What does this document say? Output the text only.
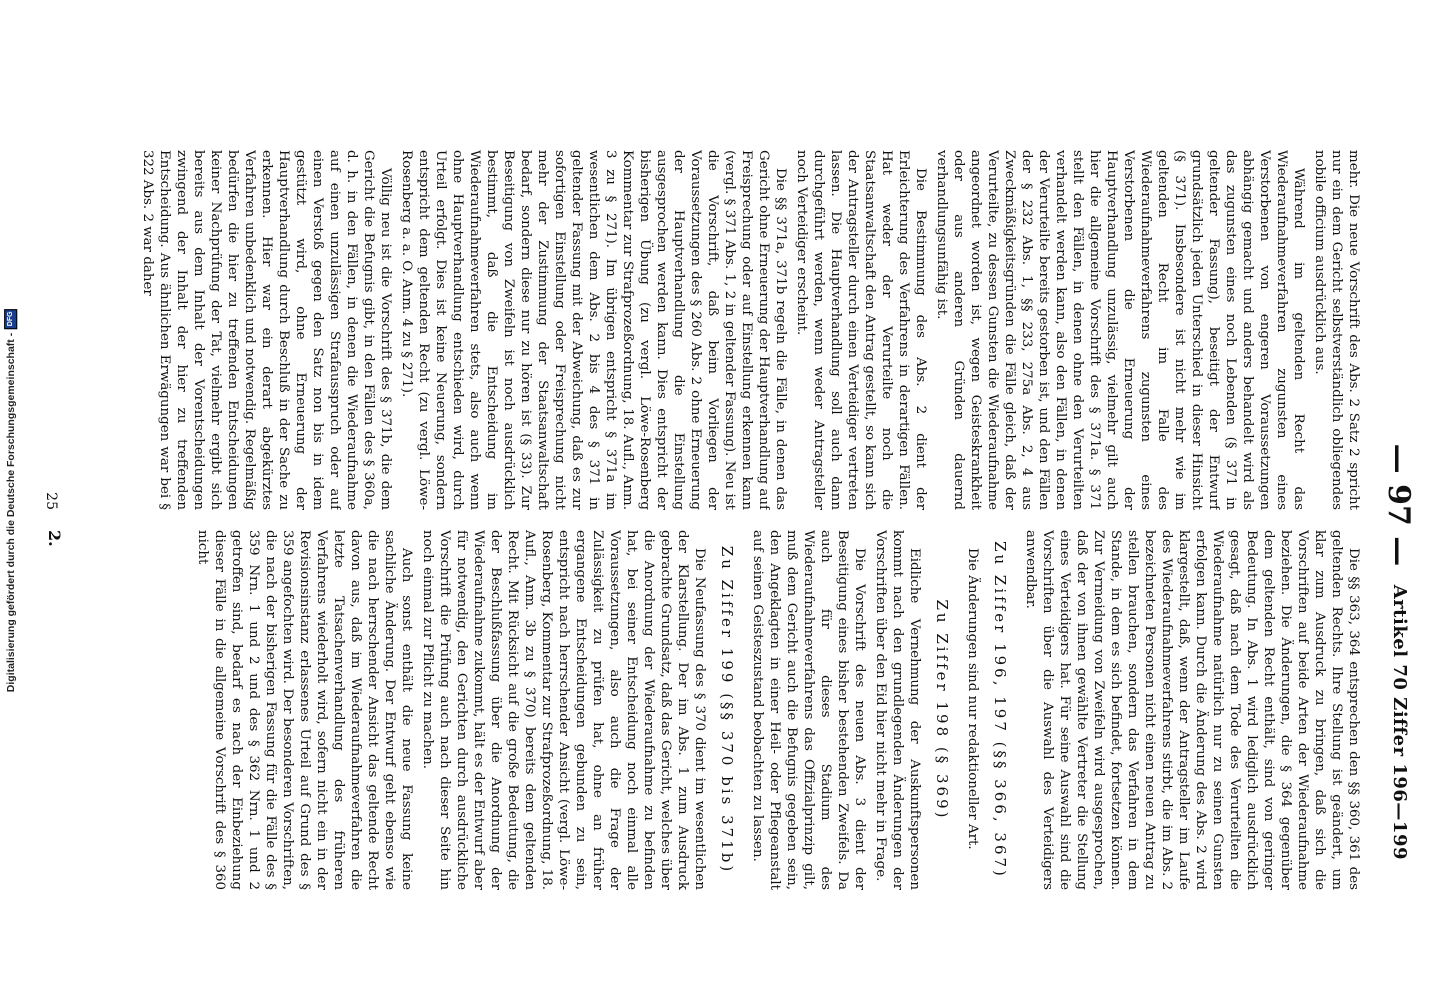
— 97 —
Artikel 70 Ziffer 196—199

Die §§ 363, 364 entsprechen den §§ 360, 361 des geltenden Rechts. Ihre Stellung ist geändert, um klar zum Ausdruck zu bringen, daß sich die Vorschriften auf beide Arten der Wiederaufnahme beziehen. Die Änderungen, die § 364 gegenüber dem geltenden Recht enthält, sind von geringer Bedeutung. In Abs. 1 wird lediglich ausdrücklich gesagt, daß nach dem Tode des Verurteilten die Wiederaufnahme natürlich nur zu seinen Gunsten erfolgen kann. Durch die Änderung des Abs. 2 wird klargestellt, daß, wenn der Antragsteller im Laufe des Wiederaufnahmeverfahrens stirbt, die im Abs. 2 bezeichneten Personen nicht einen neuen Antrag zu stellen brauchen, sondern das Verfahren in dem Stande, in dem es sich befindet, fortsetzen können. Zur Vermeidung von Zweifeln wird ausgesprochen, daß der von ihnen gewählte Vertreter die Stellung eines Verteidigers hat. Für seine Auswahl sind die Vorschriften über die Auswahl des Verteidigers anwendbar.

Zu Ziffer 196, 197 (§§ 366, 367)

Die Änderungen sind nur redaktioneller Art.

Zu Ziffer 198 (§ 369)

Eidliche Vernehmung der Auskunftspersonen kommt nach den grundlegenden Änderungen der Vorschriften über den Eid hier nicht mehr in Frage.

Die Vorschrift des neuen Abs. 3 dient der Beseitigung eines bisher bestehenden Zweifels. Da auch für dieses Stadium des Wiederaufnahmeverfahrens das Offizialprinzip gilt, muß dem Gericht auch die Befugnis gegeben sein, den Angeklagten in einer Heil- oder Pflegeanstalt auf seinen Geisteszustand beobachten zu lassen.

Zu Ziffer 199 (§§ 370 bis 371b)

Die Neufassung des § 370 dient im wesentlichen der Klarstellung. Der im Abs. 1 zum Ausdruck gebrachte Grundsatz, daß das Gericht, welches über die Anordnung der Wiederaufnahme zu befinden hat, bei seiner Entscheidung noch einmal alle Voraussetzungen, also auch die Frage der Zulässigkeit zu prüfen hat, ohne an früher ergangene Entscheidungen gebunden zu sein, entspricht nach herrschender Ansicht (vergl. Löwe-Rosenberg, Kommentar zur Strafprozeßordnung, 18. Aufl., Anm. 3b zu § 370) bereits dem geltenden Recht. Mit Rücksicht auf die große Bedeutung, die der Beschlußfassung über die Anordnung der Wiederaufnahme zukommt, hält es der Entwurf aber für notwendig, den Gerichten durch ausdrückliche Vorschrift die Prüfung auch nach dieser Seite hin noch einmal zur Pflicht zu machen.

Auch sonst enthält die neue Fassung keine sachliche Änderung. Der Entwurf geht ebenso wie die nach herrschender Ansicht das geltende Recht davon aus, daß im Wiederaufnahmeverfahren die letzte Tatsachenverhandlung des früheren Verfahrens wiederholt wird, sofern nicht ein in der Revisionsinstanz erlassenes Urteil auf Grund des § 359 angefochten wird. Der besonderen Vorschriften, die nach der bisherigen Fassung für die Fälle des § 359 Nrn. 1 und 2 und des § 362 Nrn. 1 und 2 getroffen sind, bedarf es nach der Einbeziehung dieser Fälle in die allgemeine Vorschrift des § 360 nicht

mehr. Die neue Vorschrift des Abs. 2 Satz 2 spricht nur ein dem Gericht selbstverständlich obliegendes nobile officium ausdrücklich aus.

Während im geltenden Recht das Wiederaufnahmeverfahren zugunsten eines Verstorbenen von engeren Voraussetzungen abhängig gemacht und anders behandelt wird als das zugunsten eines noch Lebenden (§ 371 in geltender Fassung), beseitigt der Entwurf grundsätzlich jeden Unterschied in dieser Hinsicht (§ 371). Insbesondere ist nicht mehr wie im geltenden Recht im Falle des Wiederaufnahmeverfahrens zugunsten eines Verstorbenen die Erneuerung der Hauptverhandlung unzulässig, vielmehr gilt auch hier die allgemeine Vorschrift des § 371a. § 371 stellt den Fällen, in denen ohne den Verurteilten verhandelt werden kann, also den Fällen, in denen der Verurteilte bereits gestorben ist, und den Fällen der § 232 Abs. 1, §§ 233, 275a Abs. 2, 4 aus Zweckmäßigkeitsgründen die Fälle gleich, daß der Verurteilte, zu dessen Gunsten die Wiederaufnahme angeordnet worden ist, wegen Geisteskrankheit oder aus anderen Gründen dauernd verhandlungsunfähig ist.

Die Bestimmung des Abs. 2 dient der Erleichterung des Verfahrens in derartigen Fällen. Hat weder der Verurteilte noch die Staatsanwaltschaft den Antrag gestellt, so kann sich der Antragsteller durch einen Verteidiger vertreten lassen. Die Hauptverhandlung soll auch dann durchgeführt werden, wenn weder Antragsteller noch Verteidiger erscheint.

Die §§ 371a, 371b regeln die Fälle, in denen das Gericht ohne Erneuerung der Hauptverhandlung auf Freisprechung oder auf Einstellung erkennen kann (vergl. § 371 Abs. 1, 2 in geltender Fassung). Neu ist die Vorschrift, daß beim Vorliegen der Voraussetzungen des § 260 Abs. 2 ohne Erneuerung der Hauptverhandlung die Einstellung ausgesprochen werden kann. Dies entspricht der bisherigen Übung (zu vergl. Löwe-Rosenberg Kommentar zur Strafprozeßordnung, 18. Aufl., Anm. 3 zu § 271). Im übrigen entspricht § 371a im wesentlichen dem Abs. 2 bis 4 des § 371 in geltender Fassung mit der Abweichung, daß es zur sofortigen Einstellung oder Freisprechung nicht mehr der Zustimmung der Staatsanwaltschaft bedarf, sondern diese nur zu hören ist (§ 33). Zur Beseitigung von Zweifeln ist noch ausdrücklich bestimmt, daß die Entscheidung im Wiederaufnahmeverfahren stets, also auch wenn ohne Hauptverhandlung entschieden wird, durch Urteil erfolgt. Dies ist keine Neuerung, sondern entspricht dem geltenden Recht (zu vergl. Löwe-Rosenberg a. a. O. Anm. 4 zu § 271).

Völlig neu ist die Vorschrift des § 371b, die dem Gericht die Befugnis gibt, in den Fällen des § 360a, d. h. in den Fällen, in denen die Wiederaufnahme auf einen unzulässigen Strafausspruch oder auf einen Verstoß gegen den Satz non bis in idem gestützt wird, ohne Erneuerung der Hauptverhandlung durch Beschluß in der Sache zu erkennen. Hier war ein derart abgekürztes Verfahren unbedenklich und notwendig. Regelmäßig bedürfen die hier zu treffenden Entscheidungen keiner Nachprüfung der Tat, vielmehr ergibt sich bereits aus dem Inhalt der Vorentscheidungen zwingend der Inhalt der hier zu treffenden Entscheidung. Aus ähnlichen Erwägungen war bei § 322 Abs. 2 war daher

2.
25
Digitalisierung gefördert durch die Deutsche Forschungsgemeinschaft -
DFG
